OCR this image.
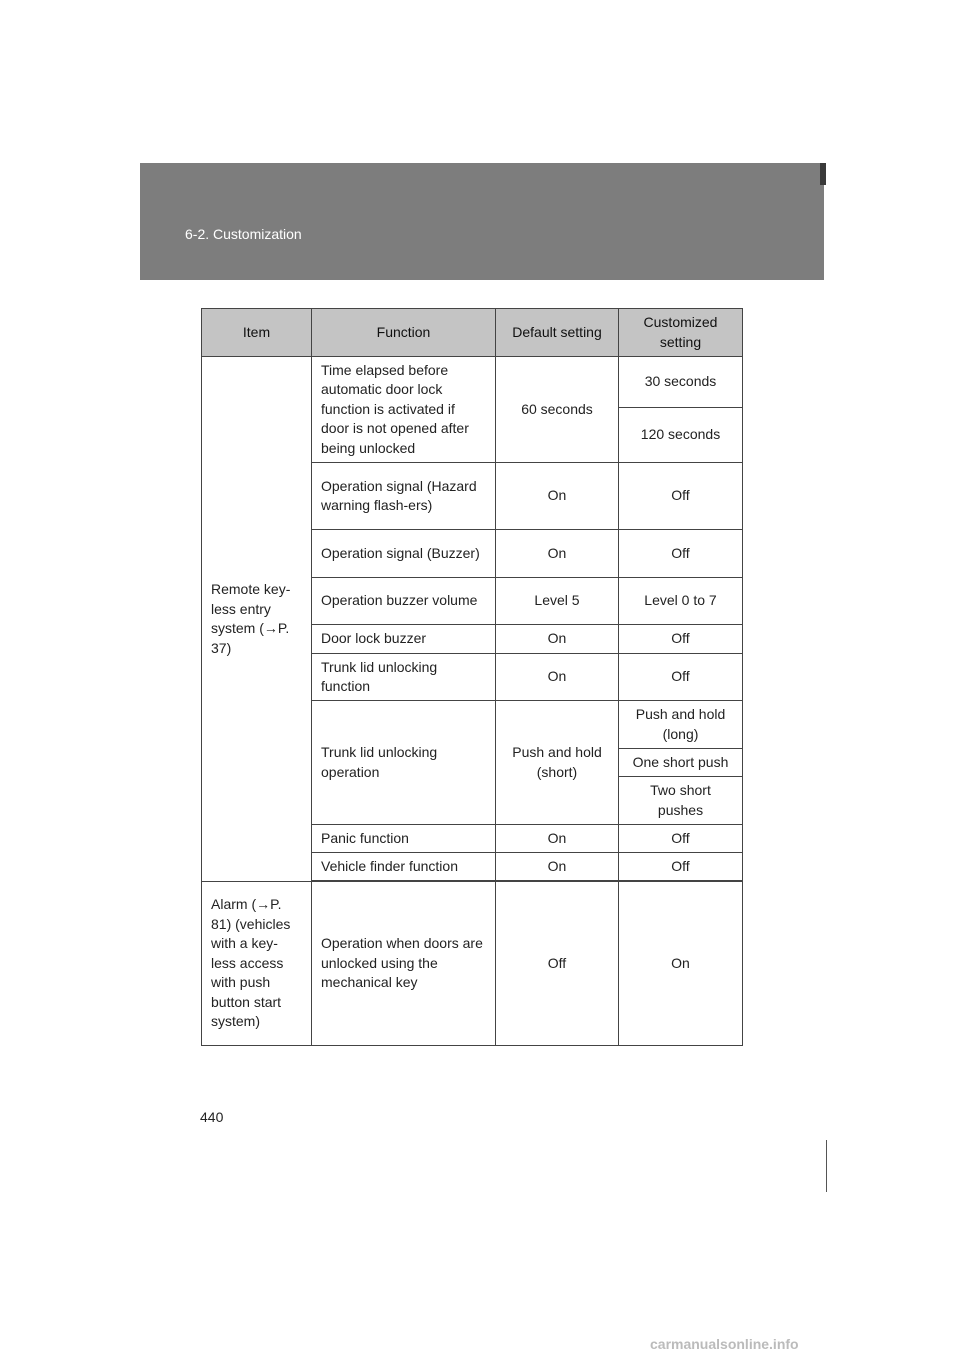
6-2. Customization
Item	Function	Default setting	Customized setting
Remote key-less entry system (→P. 37)	Time elapsed before automatic door lock function is activated if door is not opened after being unlocked	60 seconds	30 seconds
			120 seconds
	Operation signal (Hazard warning flash-ers)	On	Off
	Operation signal (Buzzer)	On	Off
	Operation buzzer volume	Level 5	Level 0 to 7
	Door lock buzzer	On	Off
	Trunk lid unlocking function	On	Off
	Trunk lid unlocking operation	Push and hold (short)	Push and hold (long)
			One short push
			Two short pushes
	Panic function	On	Off
	Vehicle finder function	On	Off

Alarm (→P. 81) (vehicles with a key-less access with push button start system)	Operation when doors are unlocked using the mechanical key	Off	On
440
carmanualsonline.info
